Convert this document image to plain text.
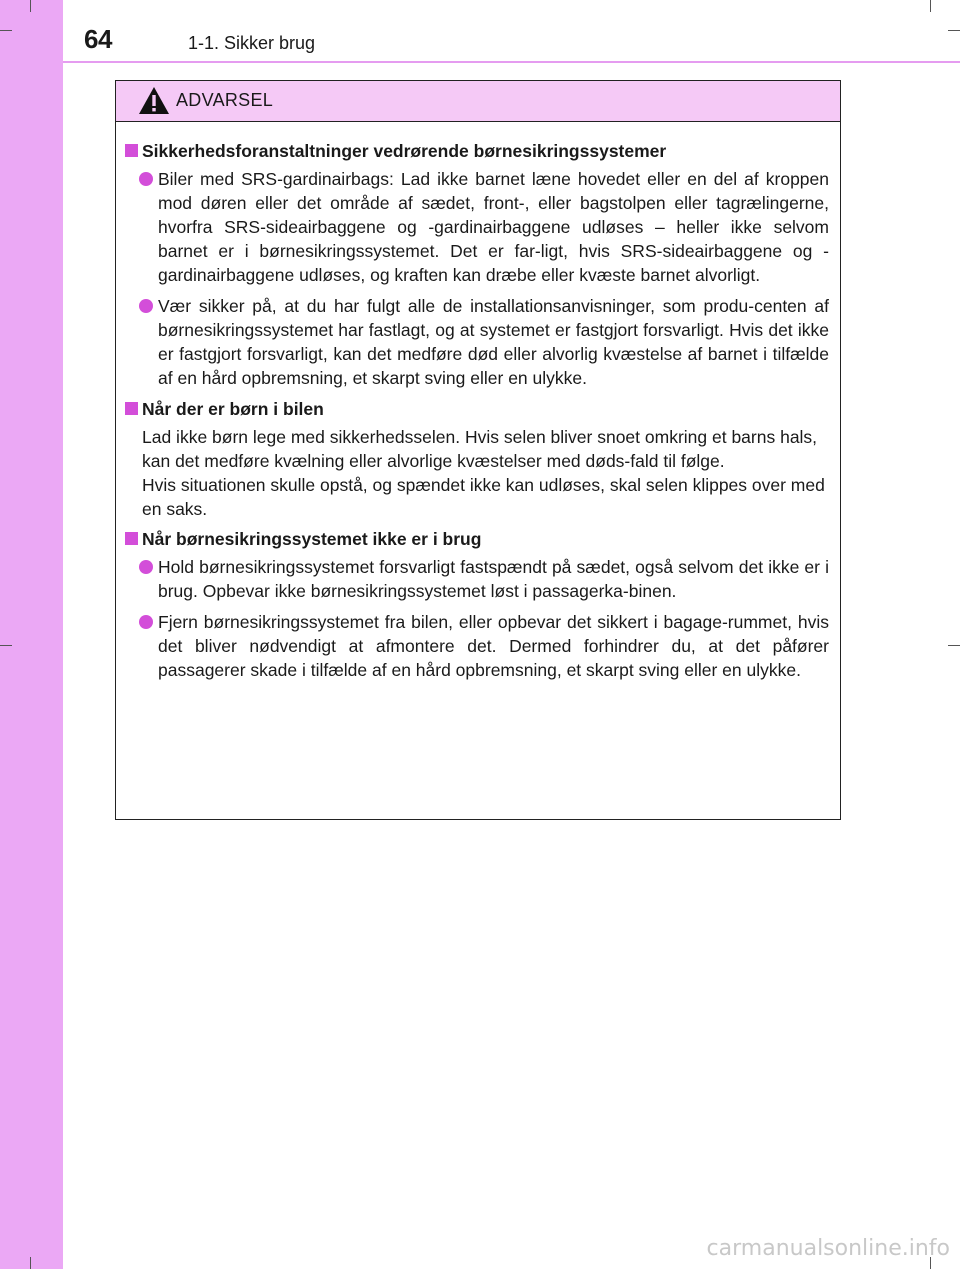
64	1-1. Sikker brug
ADVARSEL
Sikkerhedsforanstaltninger vedrørende børnesikringssystemer
Biler med SRS-gardinairbags: Lad ikke barnet læne hovedet eller en del af kroppen mod døren eller det område af sædet, front-, eller bagstolpen eller tagrælingerne, hvorfra SRS-sideairbaggene og -gardinairbaggene udløses – heller ikke selvom barnet er i børnesikringssystemet. Det er far-ligt, hvis SRS-sideairbaggene og -gardinairbaggene udløses, og kraften kan dræbe eller kvæste barnet alvorligt.
Vær sikker på, at du har fulgt alle de installationsanvisninger, som produ-centen af børnesikringssystemet har fastlagt, og at systemet er fastgjort forsvarligt. Hvis det ikke er fastgjort forsvarligt, kan det medføre død eller alvorlig kvæstelse af barnet i tilfælde af en hård opbremsning, et skarpt sving eller en ulykke.
Når der er børn i bilen
Lad ikke børn lege med sikkerhedsselen. Hvis selen bliver snoet omkring et barns hals, kan det medføre kvælning eller alvorlige kvæstelser med døds-fald til følge.
Hvis situationen skulle opstå, og spændet ikke kan udløses, skal selen klippes over med en saks.
Når børnesikringssystemet ikke er i brug
Hold børnesikringssystemet forsvarligt fastspændt på sædet, også selvom det ikke er i brug. Opbevar ikke børnesikringssystemet løst i passagerka-binen.
Fjern børnesikringssystemet fra bilen, eller opbevar det sikkert i bagage-rummet, hvis det bliver nødvendigt at afmontere det. Dermed forhindrer du, at det påfører passagerer skade i tilfælde af en hård opbremsning, et skarpt sving eller en ulykke.
carmanualsonline.info
